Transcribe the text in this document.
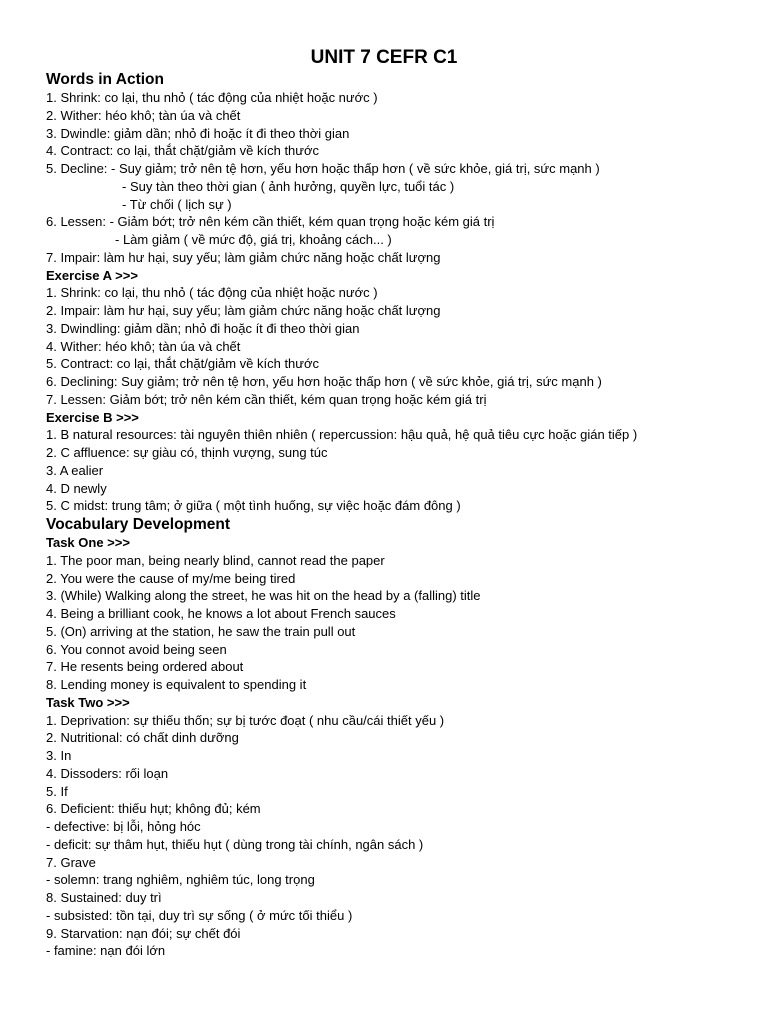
UNIT 7 CEFR C1
Words in Action
1. Shrink: co lại, thu nhỏ ( tác động của nhiệt hoặc nước )
2. Wither: héo khô; tàn úa và chết
3. Dwindle: giảm dần; nhỏ đi hoặc ít đi theo thời gian
4. Contract: co lại, thắt chặt/giảm về kích thước
5. Decline: - Suy giảm; trở nên tệ hơn, yếu hơn hoặc thấp hơn ( về sức khỏe, giá trị, sức mạnh )
- Suy tàn theo thời gian ( ảnh hưởng, quyền lực, tuổi tác )
- Từ chối ( lịch sự )
6. Lessen: - Giảm bớt; trở nên kém cần thiết, kém quan trọng hoặc kém giá trị
- Làm giảm ( về mức độ, giá trị, khoảng cách... )
7. Impair: làm hư hại, suy yếu; làm giảm chức năng hoặc chất lượng
Exercise A >>>
1. Shrink: co lại, thu nhỏ ( tác động của nhiệt hoặc nước )
2. Impair: làm hư hại, suy yếu; làm giảm chức năng hoặc chất lượng
3. Dwindling: giảm dần; nhỏ đi hoặc ít đi theo thời gian
4. Wither: héo khô; tàn úa và chết
5. Contract: co lại, thắt chặt/giảm về kích thước
6. Declining: Suy giảm; trở nên tệ hơn, yếu hơn hoặc thấp hơn ( về sức khỏe, giá trị, sức mạnh )
7. Lessen: Giảm bớt; trở nên kém cần thiết, kém quan trọng hoặc kém giá trị
Exercise B >>>
1. B natural resources: tài nguyên thiên nhiên ( repercussion: hậu quả, hệ quả tiêu cực hoặc gián tiếp )
2. C affluence: sự giàu có, thịnh vượng, sung túc
3. A ealier
4. D newly
5. C midst: trung tâm; ở giữa ( một tình huống, sự việc hoặc đám đông )
Vocabulary Development
Task One >>>
1. The poor man, being nearly blind, cannot read the paper
2. You were the cause of my/me being tired
3. (While) Walking along the street, he was hit on the head by a (falling) title
4. Being a brilliant cook, he knows a lot about French sauces
5. (On) arriving at the station, he saw the train pull out
6. You connot avoid being seen
7. He resents being ordered about
8. Lending money is equivalent to spending it
Task Two >>>
1. Deprivation: sự thiếu thốn; sự bị tước đoạt ( nhu cầu/cái thiết yếu )
2. Nutritional: có chất dinh dưỡng
3. In
4. Dissoders: rối loạn
5. If
6. Deficient: thiếu hụt; không đủ; kém
- defective: bị lỗi, hỏng hóc
- deficit: sự thâm hụt, thiếu hụt ( dùng trong tài chính, ngân sách )
7. Grave
- solemn: trang nghiêm, nghiêm túc, long trọng
8. Sustained: duy trì
- subsisted: tồn tại, duy trì sự sống ( ở mức tối thiểu )
9. Starvation: nạn đói; sự chết đói
- famine: nạn đói lớn
